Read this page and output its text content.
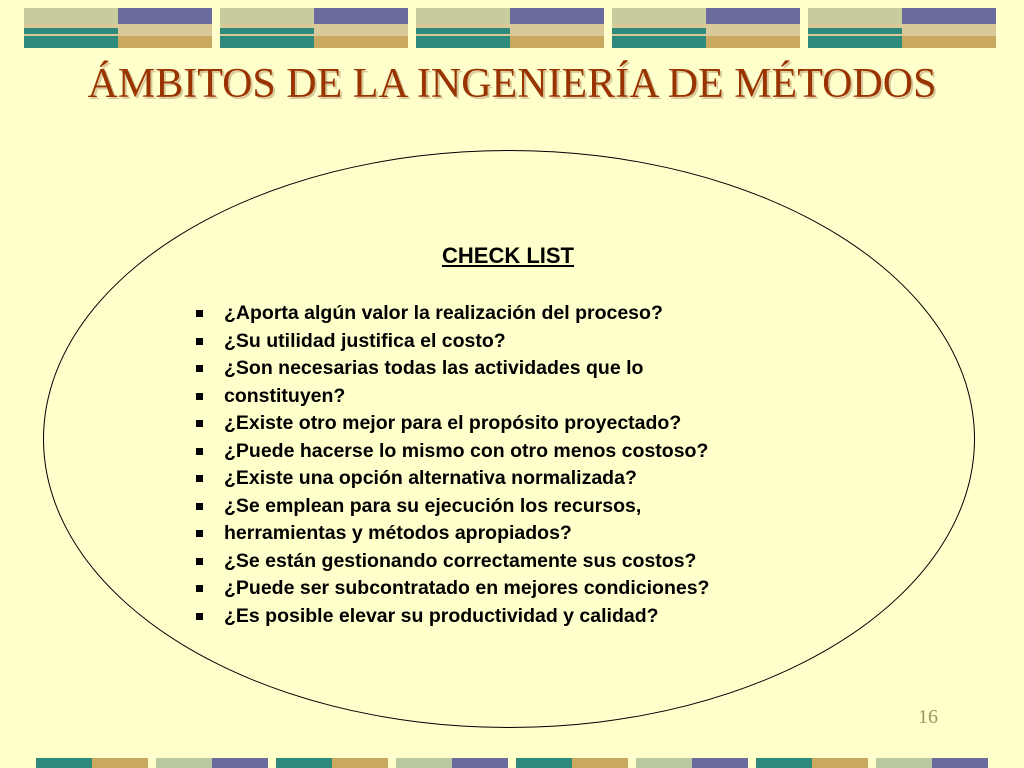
ÁMBITOS DE LA INGENIERÍA DE MÉTODOS
CHECK LIST
¿Aporta algún valor la realización del proceso?
¿Su utilidad justifica el costo?
¿Son necesarias todas las actividades que lo
constituyen?
¿Existe otro mejor para el propósito proyectado?
¿Puede hacerse lo mismo con otro menos costoso?
¿Existe una opción alternativa normalizada?
¿Se emplean para su ejecución los recursos,
herramientas y métodos apropiados?
¿Se están gestionando correctamente sus costos?
¿Puede ser subcontratado en mejores condiciones?
¿Es posible elevar su productividad y calidad?
16
